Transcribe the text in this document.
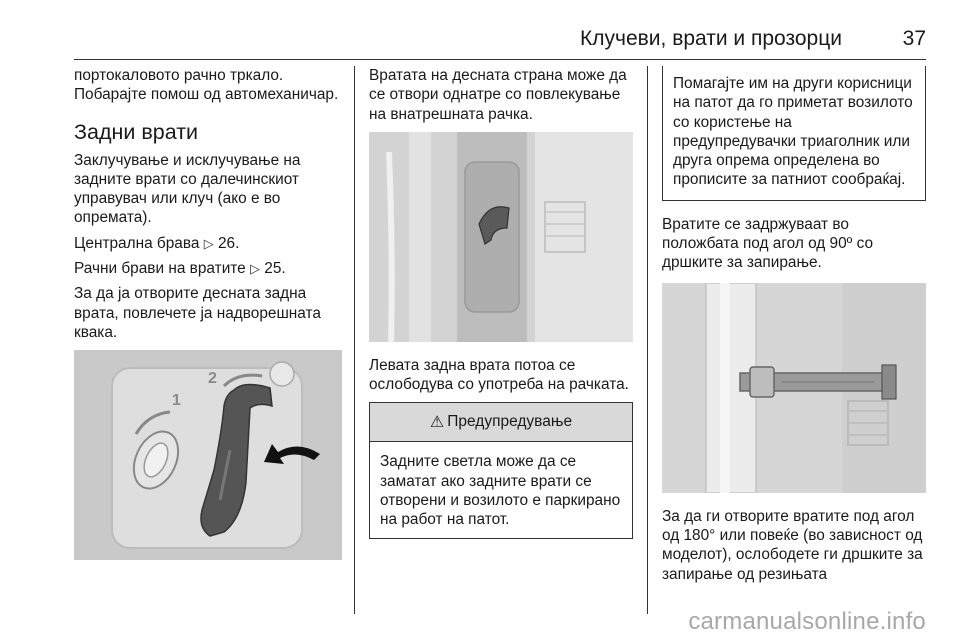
Клучеви, врати и прозорци	37

портокаловото рачно тркало. Побарајте помош од автомеханичар.

Задни врати

Заклучување и исклучување на задните врати со далечинскиот управувач или клуч (ако е во опремата).

Централна брава ▷ 26.

Рачни брави на вратите ▷ 25.

За да ја отворите десната задна врата, повлечете ја надворешната квака.

1
2

Вратата на десната страна може да се отвори однатре со повлекување на внатрешната рачка.

Левата задна врата потоа се ослободува со употреба на рачката.

⚠ Предупредување

Задните светла може да се заматат ако задните врати се отворени и возилото е паркирано на работ на патот.

Помагајте им на други корисници на патот да го приметат возилото со користење на предупредувачки триаголник или друга опрема определена во прописите за патниот сообраќај.

Вратите се задржуваат во положбата под агол од 90º со дршките за запирање.

За да ги отворите вратите под агол од 180° или повеќе (во зависност од моделот), ослободете ги дршките за запирање од резињата

carmanualsonline.info
